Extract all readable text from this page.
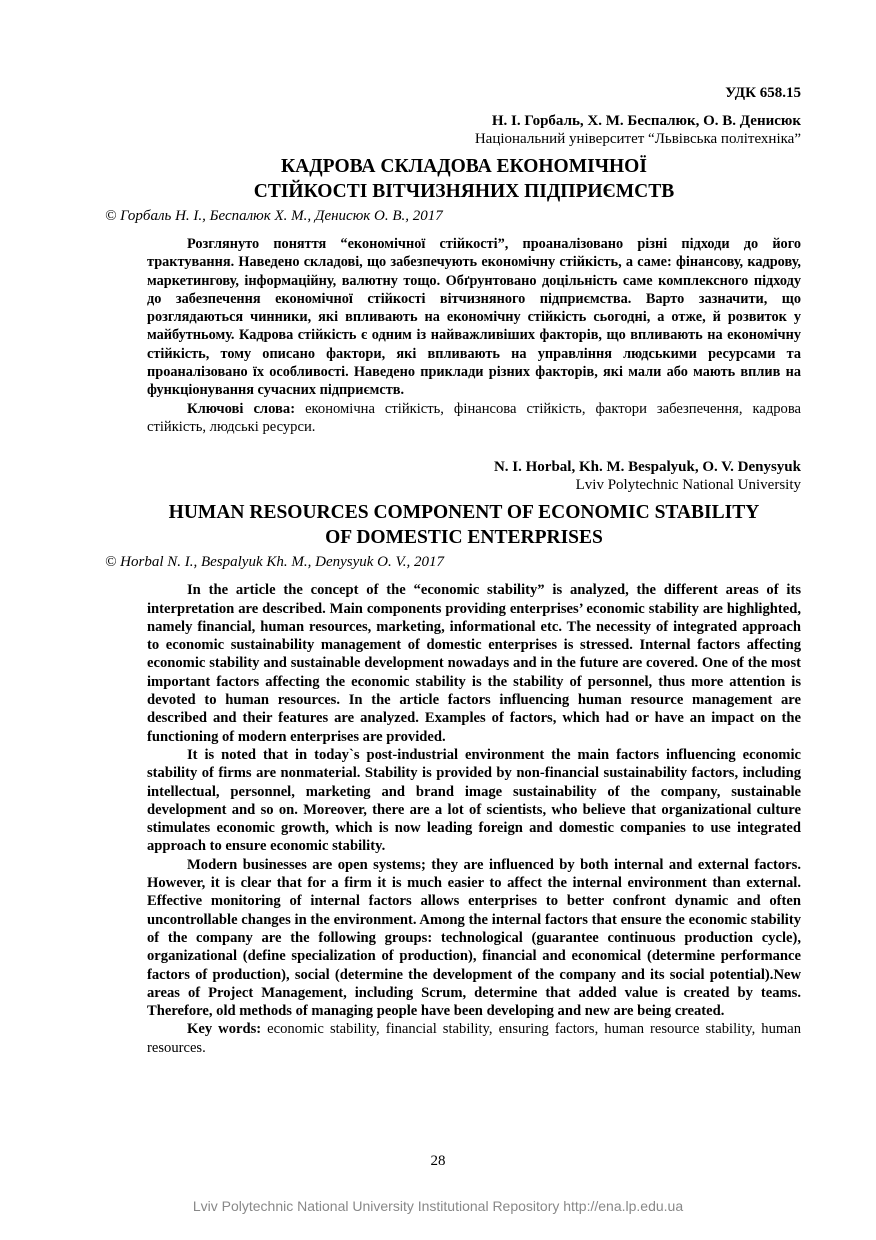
УДК 658.15
Н. І. Горбаль, Х. М. Беспалюк, О. В. Денисюк
Національний університет “Львівська політехніка”
КАДРОВА СКЛАДОВА ЕКОНОМІЧНОЇ
СТІЙКОСТІ ВІТЧИЗНЯНИХ ПІДПРИЄМСТВ
© Горбаль Н. І., Беспалюк Х. М., Денисюк О. В., 2017

Розглянуто поняття “економічної стійкості”, проаналізовано різні підходи до його трактування. Наведено складові, що забезпечують економічну стійкість, а саме: фінансову, кадрову, маркетингову, інформаційну, валютну тощо. Обґрунтовано доцільність саме комплексного підходу до забезпечення економічної стійкості вітчизняного підприємства. Варто зазначити, що розглядаються чинники, які впливають на економічну стійкість сьогодні, а отже, й розвиток у майбутньому. Кадрова стійкість є одним із найважливіших факторів, що впливають на економічну стійкість, тому описано фактори, які впливають на управління людськими ресурсами та проаналізовано їх особливості. Наведено приклади різних факторів, які мали або мають вплив на функціонування сучасних підприємств.

Ключові слова: економічна стійкість, фінансова стійкість, фактори забезпечення, кадрова стійкість, людські ресурси.

N. I. Horbal, Kh. M. Bespalyuk, O. V. Denysyuk
Lviv Polytechnic National University
HUMAN RESOURCES COMPONENT OF ECONOMIC STABILITY
OF DOMESTIC ENTERPRISES
© Horbal N. I., Bespalyuk Kh. M., Denysyuk O. V., 2017

In the article the concept of the “economic stability” is analyzed, the different areas of its interpretation are described. Main components providing enterprises’ economic stability are highlighted, namely financial, human resources, marketing, informational etc. The necessity of integrated approach to economic sustainability management of domestic enterprises is stressed. Internal factors affecting economic stability and sustainable development nowadays and in the future are covered. One of the most important factors affecting the economic stability is the stability of personnel, thus more attention is devoted to human resources. In the article factors influencing human resource management are described and their features are analyzed. Examples of factors, which had or have an impact on the functioning of modern enterprises are provided.

It is noted that in today`s post-industrial environment the main factors influencing economic stability of firms are nonmaterial. Stability is provided by non-financial sustainability factors, including intellectual, personnel, marketing and brand image sustainability of the company, sustainable development and so on. Moreover, there are a lot of scientists, who believe that organizational culture stimulates economic growth, which is now leading foreign and domestic companies to use integrated approach to ensure economic stability.

Modern businesses are open systems; they are influenced by both internal and external factors. However, it is clear that for a firm it is much easier to affect the internal environment than external. Effective monitoring of internal factors allows enterprises to better confront dynamic and often uncontrollable changes in the environment. Among the internal factors that ensure the economic stability of the company are the following groups: technological (guarantee continuous production cycle), organizational (define specialization of production), financial and economical (determine performance factors of production), social (determine the development of the company and its social potential).New areas of Project Management, including Scrum, determine that added value is created by teams. Therefore, old methods of managing people have been developing and new are being created.

Key words: economic stability, financial stability, ensuring factors, human resource stability, human resources.

28
Lviv Polytechnic National University Institutional Repository http://ena.lp.edu.ua
